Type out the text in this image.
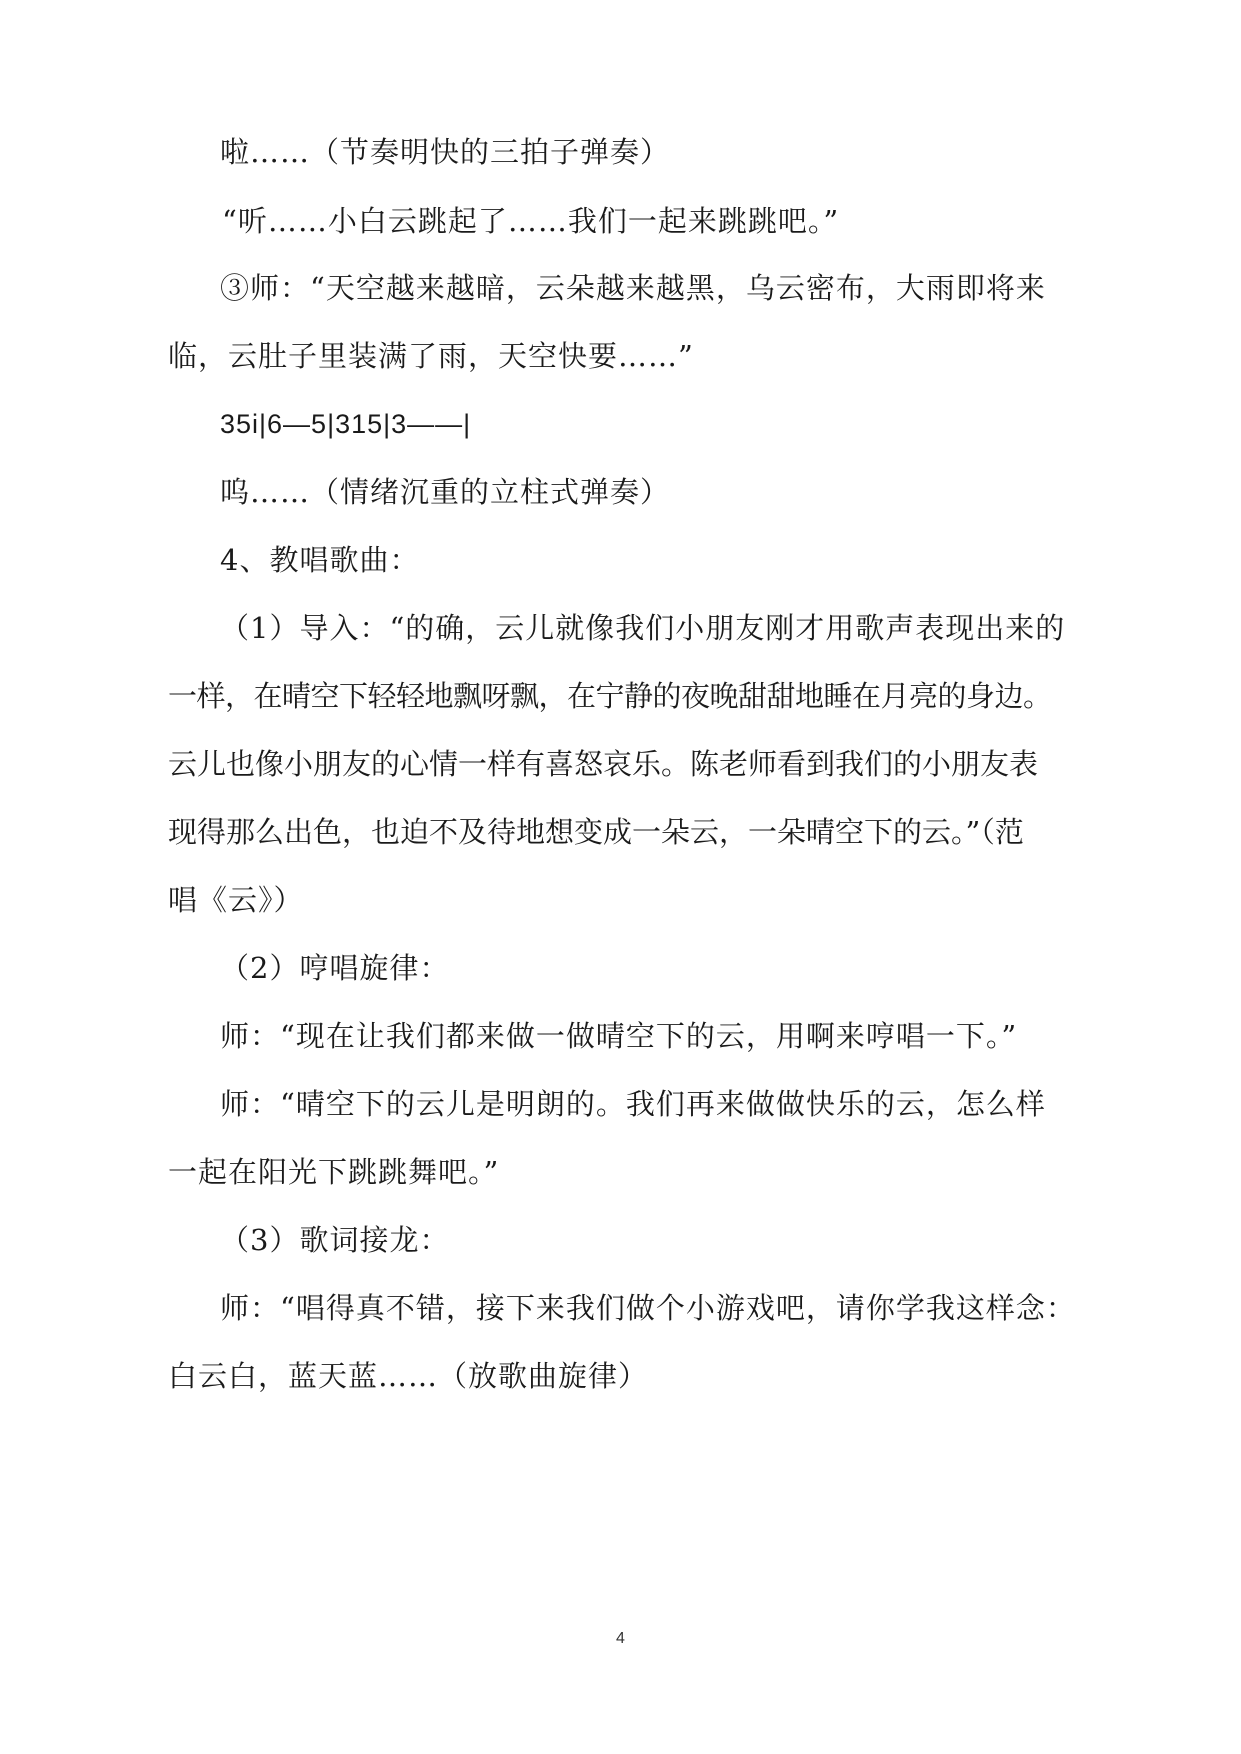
啦……（节奏明快的三拍子弹奏）
“听……小白云跳起了……我们一起来跳跳吧。”
③师：“天空越来越暗，云朵越来越黑，乌云密布，大雨即将来
临，云肚子里装满了雨，天空快要……”
35i|6—5|315|3——|
呜……（情绪沉重的立柱式弹奏）
4、教唱歌曲：
（1）导入：“的确，云儿就像我们小朋友刚才用歌声表现出来的
一样，在晴空下轻轻地飘呀飘，在宁静的夜晚甜甜地睡在月亮的身边。
云儿也像小朋友的心情一样有喜怒哀乐。陈老师看到我们的小朋友表
现得那么出色，也迫不及待地想变成一朵云，一朵晴空下的云。”（范
唱《云》）
（2）哼唱旋律：
师：“现在让我们都来做一做晴空下的云，用啊来哼唱一下。”
师：“晴空下的云儿是明朗的。我们再来做做快乐的云，怎么样
一起在阳光下跳跳舞吧。”
（3）歌词接龙：
师：“唱得真不错，接下来我们做个小游戏吧，请你学我这样念：
白云白，蓝天蓝……（放歌曲旋律）
4
